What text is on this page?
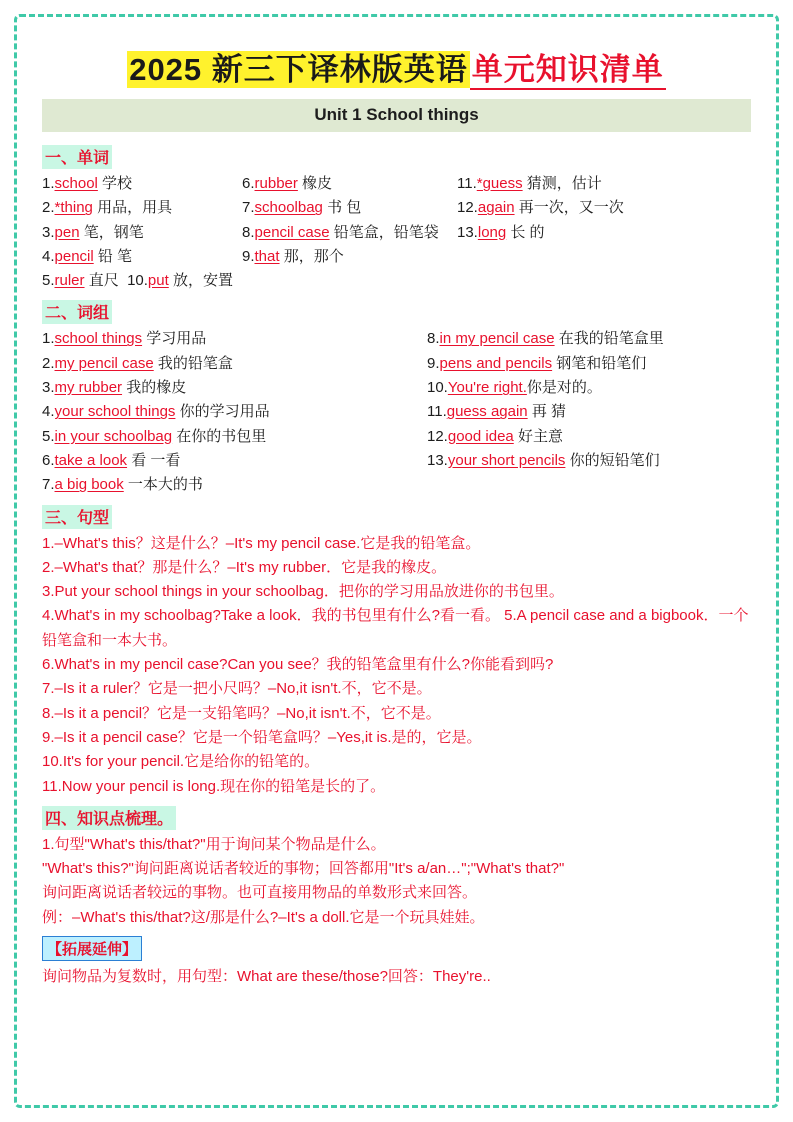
2025 新三下译林版英语 单元知识清单
Unit 1 School things
一、单词
1.school 学校	6.rubber 橡皮	11.*guess 猜测，估计
2.*thing 用品，用具	7.schoolbag 书 包	12.again 再一次，又一次
3.pen 笔，钢笔	8.pencil case 铅笔盒，铅笔袋	13.long 长 的
4.pencil 铅 笔	9.that 那，那个
5.ruler 直尺 10.put 放，安置
二、词组
1.school things 学习用品	8.in my pencil case 在我的铅笔盒里
2.my pencil case 我的铅笔盒	9.pens and pencils 钢笔和铅笔们
3.my rubber 我的橡皮	10.You're right.你是对的。
4.your school things 你的学习用品	11.guess again 再 猜
5.in your schoolbag 在你的书包里	12.good idea 好主意
6.take a look 看 一看	13.your short pencils 你的短铅笔们
7.a big book 一本大的书
三、句型
1.–What's this？这是什么？–It's my pencil case.它是我的铅笔盒。
2.–What's that？那是什么？–It's my rubber．它是我的橡皮。
3.Put your school things in your schoolbag．把你的学习用品放进你的书包里。
4.What's in my schoolbag?Take a look．我的书包里有什么?看一看。 5.A pencil case and a bigbook．一个铅笔盒和一本大书。
6.What's in my pencil case?Can you see？我的铅笔盒里有什么?你能看到吗?
7.–Is it a ruler？它是一把小尺吗？–No,it isn't.不，它不是。
8.–Is it a pencil？它是一支铅笔吗？–No,it isn't.不，它不是。
9.–Is it a pencil case？它是一个铅笔盒吗？–Yes,it is.是的，它是。
10.It's for your pencil.它是给你的铅笔的。
11.Now your pencil is long.现在你的铅笔是长的了。
四、知识点梳理。
1.句型"What's this/that?"用于询问某个物品是什么。
"What's this?"询问距离说话者较近的事物；回答都用"It's a/an…";"What's that?"
询问距离说话者较远的事物。也可直接用物品的单数形式来回答。
例：–What's this/that?这/那是什么?–It's a doll.它是一个玩具娃娃。
【拓展延伸】
询问物品为复数时，用句型：What are these/those?回答：They're..
